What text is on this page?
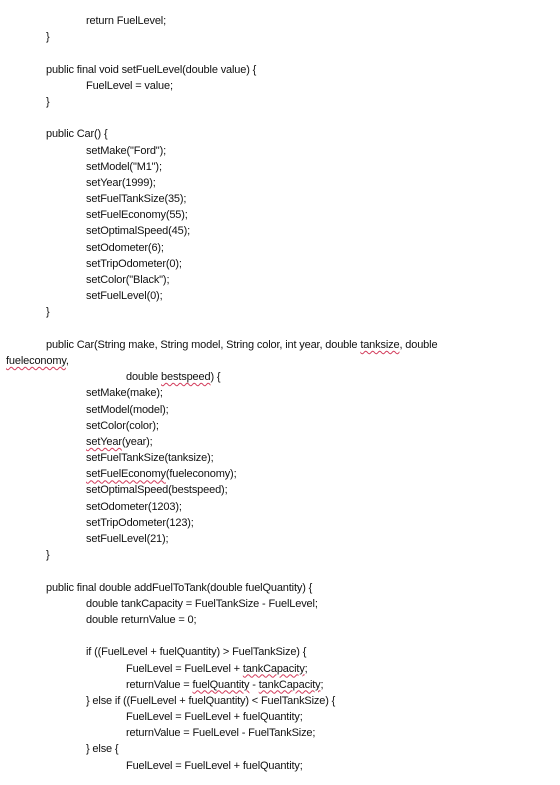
return FuelLevel;
}
public final void setFuelLevel(double value) {
FuelLevel = value;
}
public Car() {
setMake("Ford");
setModel("M1");
setYear(1999);
setFuelTankSize(35);
setFuelEconomy(55);
setOptimalSpeed(45);
setOdometer(6);
setTripOdometer(0);
setColor("Black");
setFuelLevel(0);
}
public Car(String make, String model, String color, int year, double tanksize, double
fueleconomy,
double bestspeed) {
setMake(make);
setModel(model);
setColor(color);
setYear(year);
setFuelTankSize(tanksize);
setFuelEconomy(fueleconomy);
setOptimalSpeed(bestspeed);
setOdometer(1203);
setTripOdometer(123);
setFuelLevel(21);
}
public final double addFuelToTank(double fuelQuantity) {
double tankCapacity = FuelTankSize - FuelLevel;
double returnValue = 0;
if ((FuelLevel + fuelQuantity) > FuelTankSize) {
FuelLevel = FuelLevel + tankCapacity;
returnValue = fuelQuantity - tankCapacity;
} else if ((FuelLevel + fuelQuantity) < FuelTankSize) {
FuelLevel = FuelLevel + fuelQuantity;
returnValue = FuelLevel - FuelTankSize;
} else {
FuelLevel = FuelLevel + fuelQuantity;
